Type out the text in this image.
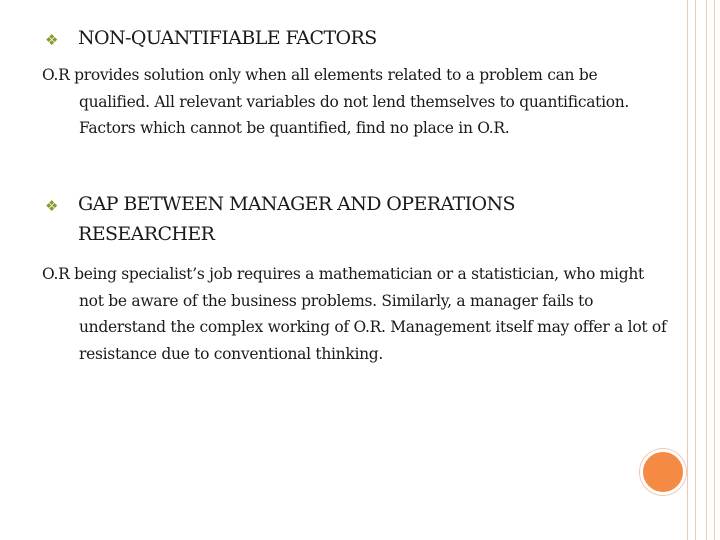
❖ NON-QUANTIFIABLE FACTORS
O.R provides solution only when all elements related to a problem can be qualified. All relevant variables do not lend themselves to quantification. Factors which cannot be quantified, find no place in O.R.
❖ GAP BETWEEN MANAGER AND OPERATIONS RESEARCHER
O.R being specialist’s job requires a mathematician or a statistician, who might not be aware of the business problems. Similarly, a manager fails to understand the complex working of O.R. Management itself may offer a lot of resistance due to conventional thinking.
